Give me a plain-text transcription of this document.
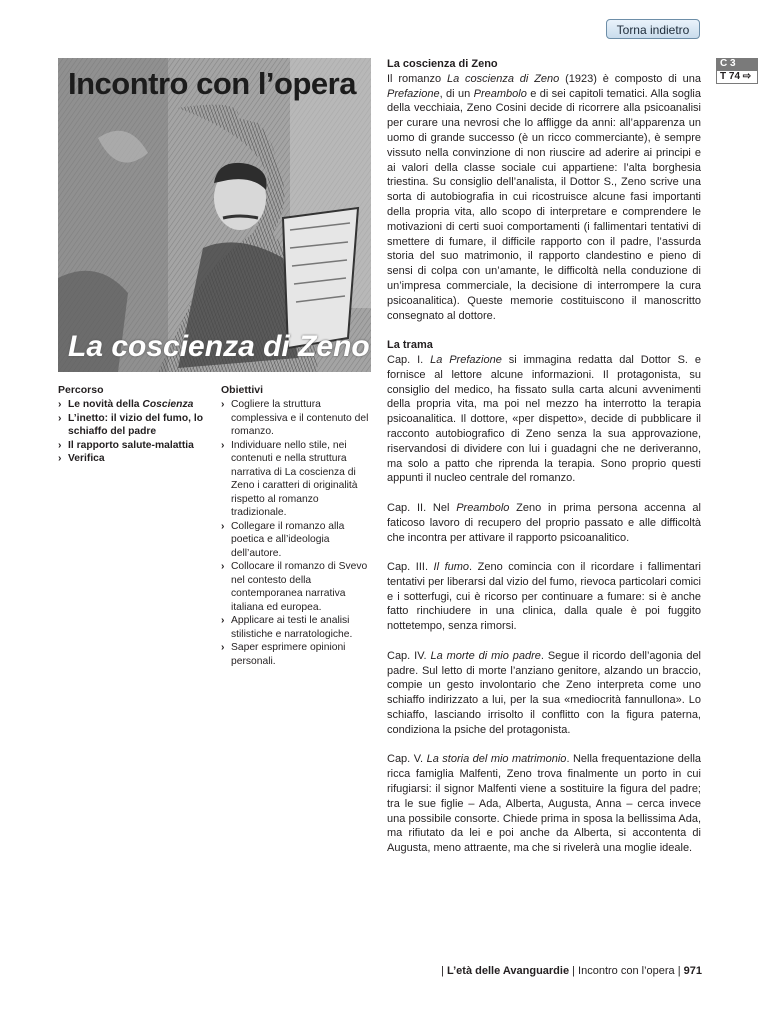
Torna indietro
C 3
T 74 ⇨
Incontro con l’opera
La coscienza di Zeno
Percorso
› Le novità della Coscienza
› L’inetto: il vizio del fumo, lo schiaffo del padre
› Il rapporto salute-malattia
› Verifica
Obiettivi
› Cogliere la struttura complessiva e il contenuto del romanzo.
› Individuare nello stile, nei contenuti e nella struttura narrativa di La coscienza di Zeno i caratteri di originalità rispetto al romanzo tradizionale.
› Collegare il romanzo alla poetica e all’ideologia dell’autore.
› Collocare il romanzo di Svevo nel contesto della contemporanea narrativa italiana ed europea.
› Applicare ai testi le analisi stilistiche e narratologiche.
› Saper esprimere opinioni personali.
La coscienza di Zeno

Il romanzo La coscienza di Zeno (1923) è composto di una Prefazione, di un Preambolo e di sei capitoli tematici. Alla soglia della vecchiaia, Zeno Cosini decide di ricorrere alla psicoanalisi per curare una nevrosi che lo affligge da anni: all’apparenza un uomo di grande successo (è un ricco commerciante), è sempre vissuto nella convinzione di non riuscire ad aderire ai principi e ai valori della classe sociale cui appartiene: l’alta borghesia triestina. Su consiglio dell’analista, il Dottor S., Zeno scrive una sorta di autobiografia in cui ricostruisce alcune fasi importanti della propria vita, allo scopo di interpretare e comprendere le motivazioni di certi suoi comportamenti (i fallimentari tentativi di smettere di fumare, il difficile rapporto con il padre, l’assurda storia del suo matrimonio, il rapporto clandestino e pieno di sensi di colpa con un’amante, le difficoltà nella conduzione di un’impresa commerciale, la decisione di interrompere la cura psicoanalitica). Queste memorie costituiscono il manoscritto consegnato al dottore.

La trama

Cap. I. La Prefazione si immagina redatta dal Dottor S. e fornisce al lettore alcune informazioni. Il protagonista, su consiglio del medico, ha fissato sulla carta alcuni avvenimenti della propria vita, ma poi nel mezzo ha interrotto la terapia psicoanalitica. Il dottore, «per dispetto», decide di pubblicare il racconto autobiografico di Zeno senza la sua approvazione, riservandosi di dividere con lui i guadagni che ne deriveranno, ma solo a patto che riprenda la terapia. Sono proprio questi appunti il nucleo centrale del romanzo.

Cap. II. Nel Preambolo Zeno in prima persona accenna al faticoso lavoro di recupero del proprio passato e alle difficoltà che incontra per attivare il rapporto psicoanalitico.

Cap. III. Il fumo. Zeno comincia con il ricordare i fallimentari tentativi per liberarsi dal vizio del fumo, rievoca particolari comici e i sotterfugi, cui è ricorso per continuare a fumare: si è anche fatto rinchiudere in una clinica, dalla quale è poi fuggito nottetempo, senza rimorsi.

Cap. IV. La morte di mio padre. Segue il ricordo dell’agonia del padre. Sul letto di morte l’anziano genitore, alzando un braccio, compie un gesto involontario che Zeno interpreta come uno schiaffo indirizzato a lui, per la sua «mediocrità fannullona». Lo schiaffo, lasciando irrisolto il conflitto con la figura paterna, condiziona la psiche del protagonista.

Cap. V. La storia del mio matrimonio. Nella frequentazione della ricca famiglia Malfenti, Zeno trova finalmente un porto in cui rifugiarsi: il signor Malfenti viene a sostituire la figura del padre; tra le sue figlie – Ada, Alberta, Augusta, Anna – cerca invece una possibile consorte. Chiede prima in sposa la bellissima Ada, ma rifiutato da lei e poi anche da Alberta, si accontenta di Augusta, meno attraente, ma che si rivelerà una moglie ideale.

| L’età delle Avanguardie | Incontro con l’opera | 971
